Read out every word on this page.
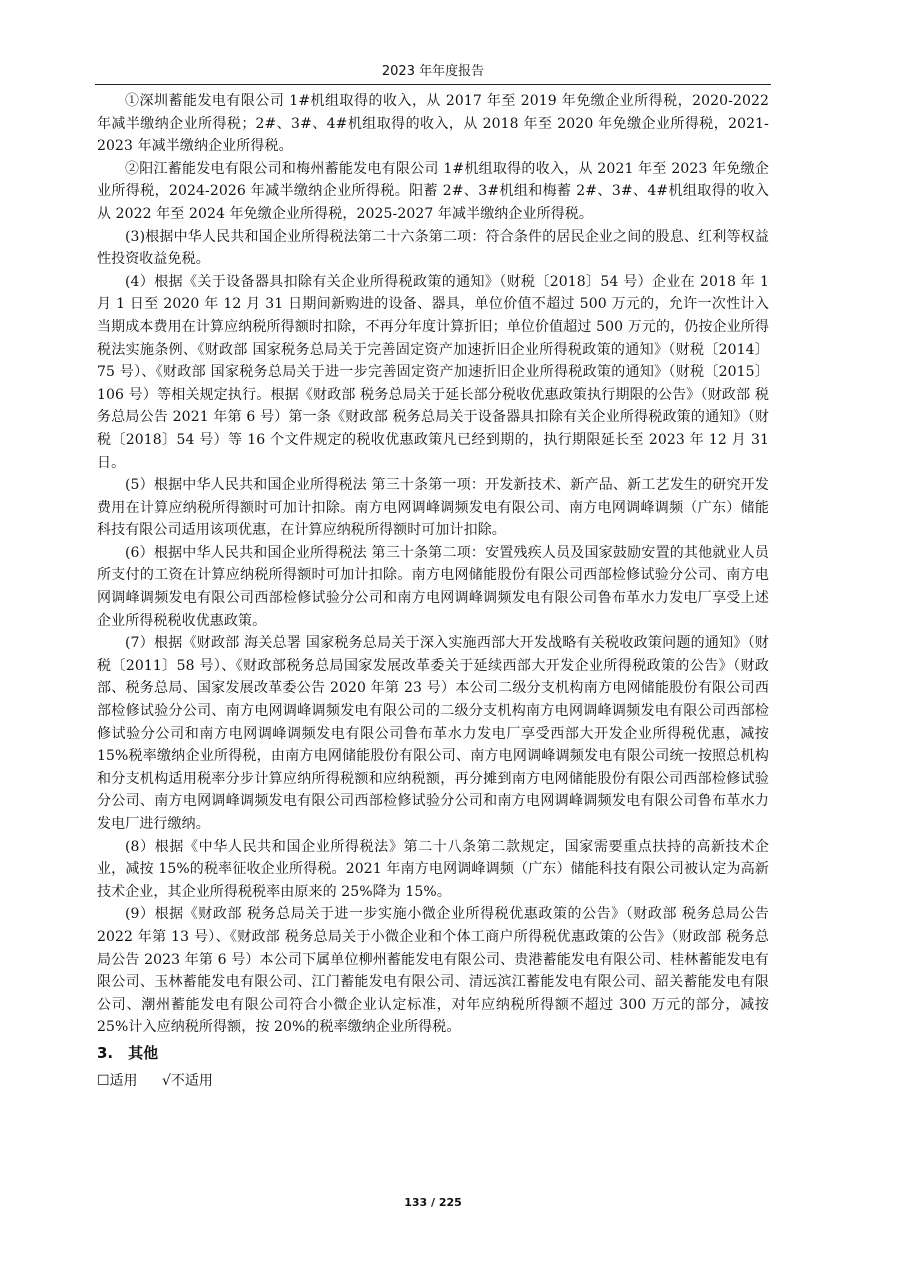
2023 年年度报告

①深圳蓄能发电有限公司 1#机组取得的收入，从 2017 年至 2019 年免缴企业所得税，2020-2022 年减半缴纳企业所得税；2#、3#、4#机组取得的收入，从 2018 年至 2020 年免缴企业所得税，2021-2023 年减半缴纳企业所得税。

②阳江蓄能发电有限公司和梅州蓄能发电有限公司 1#机组取得的收入，从 2021 年至 2023 年免缴企业所得税，2024-2026 年减半缴纳企业所得税。阳蓄 2#、3#机组和梅蓄 2#、3#、4#机组取得的收入从 2022 年至 2024 年免缴企业所得税，2025-2027 年减半缴纳企业所得税。

(3)根据中华人民共和国企业所得税法第二十六条第二项：符合条件的居民企业之间的股息、红利等权益性投资收益免税。

(4）根据《关于设备器具扣除有关企业所得税政策的通知》（财税〔2018〕54 号）企业在 2018 年 1 月 1 日至 2020 年 12 月 31 日期间新购进的设备、器具，单位价值不超过 500 万元的，允许一次性计入当期成本费用在计算应纳税所得额时扣除，不再分年度计算折旧；单位价值超过 500 万元的，仍按企业所得税法实施条例、《财政部 国家税务总局关于完善固定资产加速折旧企业所得税政策的通知》（财税〔2014〕75 号）、《财政部 国家税务总局关于进一步完善固定资产加速折旧企业所得税政策的通知》（财税〔2015〕106 号）等相关规定执行。根据《财政部 税务总局关于延长部分税收优惠政策执行期限的公告》（财政部 税务总局公告 2021 年第 6 号）第一条《财政部 税务总局关于设备器具扣除有关企业所得税政策的通知》（财税〔2018〕54 号）等 16 个文件规定的税收优惠政策凡已经到期的，执行期限延长至 2023 年 12 月 31 日。

(5）根据中华人民共和国企业所得税法 第三十条第一项：开发新技术、新产品、新工艺发生的研究开发费用在计算应纳税所得额时可加计扣除。南方电网调峰调频发电有限公司、南方电网调峰调频（广东）储能科技有限公司适用该项优惠，在计算应纳税所得额时可加计扣除。

(6）根据中华人民共和国企业所得税法 第三十条第二项：安置残疾人员及国家鼓励安置的其他就业人员所支付的工资在计算应纳税所得额时可加计扣除。南方电网储能股份有限公司西部检修试验分公司、南方电网调峰调频发电有限公司西部检修试验分公司和南方电网调峰调频发电有限公司鲁布革水力发电厂享受上述企业所得税税收优惠政策。

(7）根据《财政部 海关总署 国家税务总局关于深入实施西部大开发战略有关税收政策问题的通知》（财税〔2011〕58 号）、《财政部税务总局国家发展改革委关于延续西部大开发企业所得税政策的公告》（财政部、税务总局、国家发展改革委公告 2020 年第 23 号）本公司二级分支机构南方电网储能股份有限公司西部检修试验分公司、南方电网调峰调频发电有限公司的二级分支机构南方电网调峰调频发电有限公司西部检修试验分公司和南方电网调峰调频发电有限公司鲁布革水力发电厂享受西部大开发企业所得税优惠，减按 15%税率缴纳企业所得税，由南方电网储能股份有限公司、南方电网调峰调频发电有限公司统一按照总机构和分支机构适用税率分步计算应纳所得税额和应纳税额，再分摊到南方电网储能股份有限公司西部检修试验分公司、南方电网调峰调频发电有限公司西部检修试验分公司和南方电网调峰调频发电有限公司鲁布革水力发电厂进行缴纳。

(8）根据《中华人民共和国企业所得税法》第二十八条第二款规定，国家需要重点扶持的高新技术企业，减按 15%的税率征收企业所得税。2021 年南方电网调峰调频（广东）储能科技有限公司被认定为高新技术企业，其企业所得税税率由原来的 25%降为 15%。

(9）根据《财政部 税务总局关于进一步实施小微企业所得税优惠政策的公告》（财政部 税务总局公告 2022 年第 13 号）、《财政部 税务总局关于小微企业和个体工商户所得税优惠政策的公告》（财政部 税务总局公告 2023 年第 6 号）本公司下属单位柳州蓄能发电有限公司、贵港蓄能发电有限公司、桂林蓄能发电有限公司、玉林蓄能发电有限公司、江门蓄能发电有限公司、清远滨江蓄能发电有限公司、韶关蓄能发电有限公司、潮州蓄能发电有限公司符合小微企业认定标准，对年应纳税所得额不超过 300 万元的部分，减按 25%计入应纳税所得额，按 20%的税率缴纳企业所得税。

3.　其他
☐适用 √不适用
133 / 225
